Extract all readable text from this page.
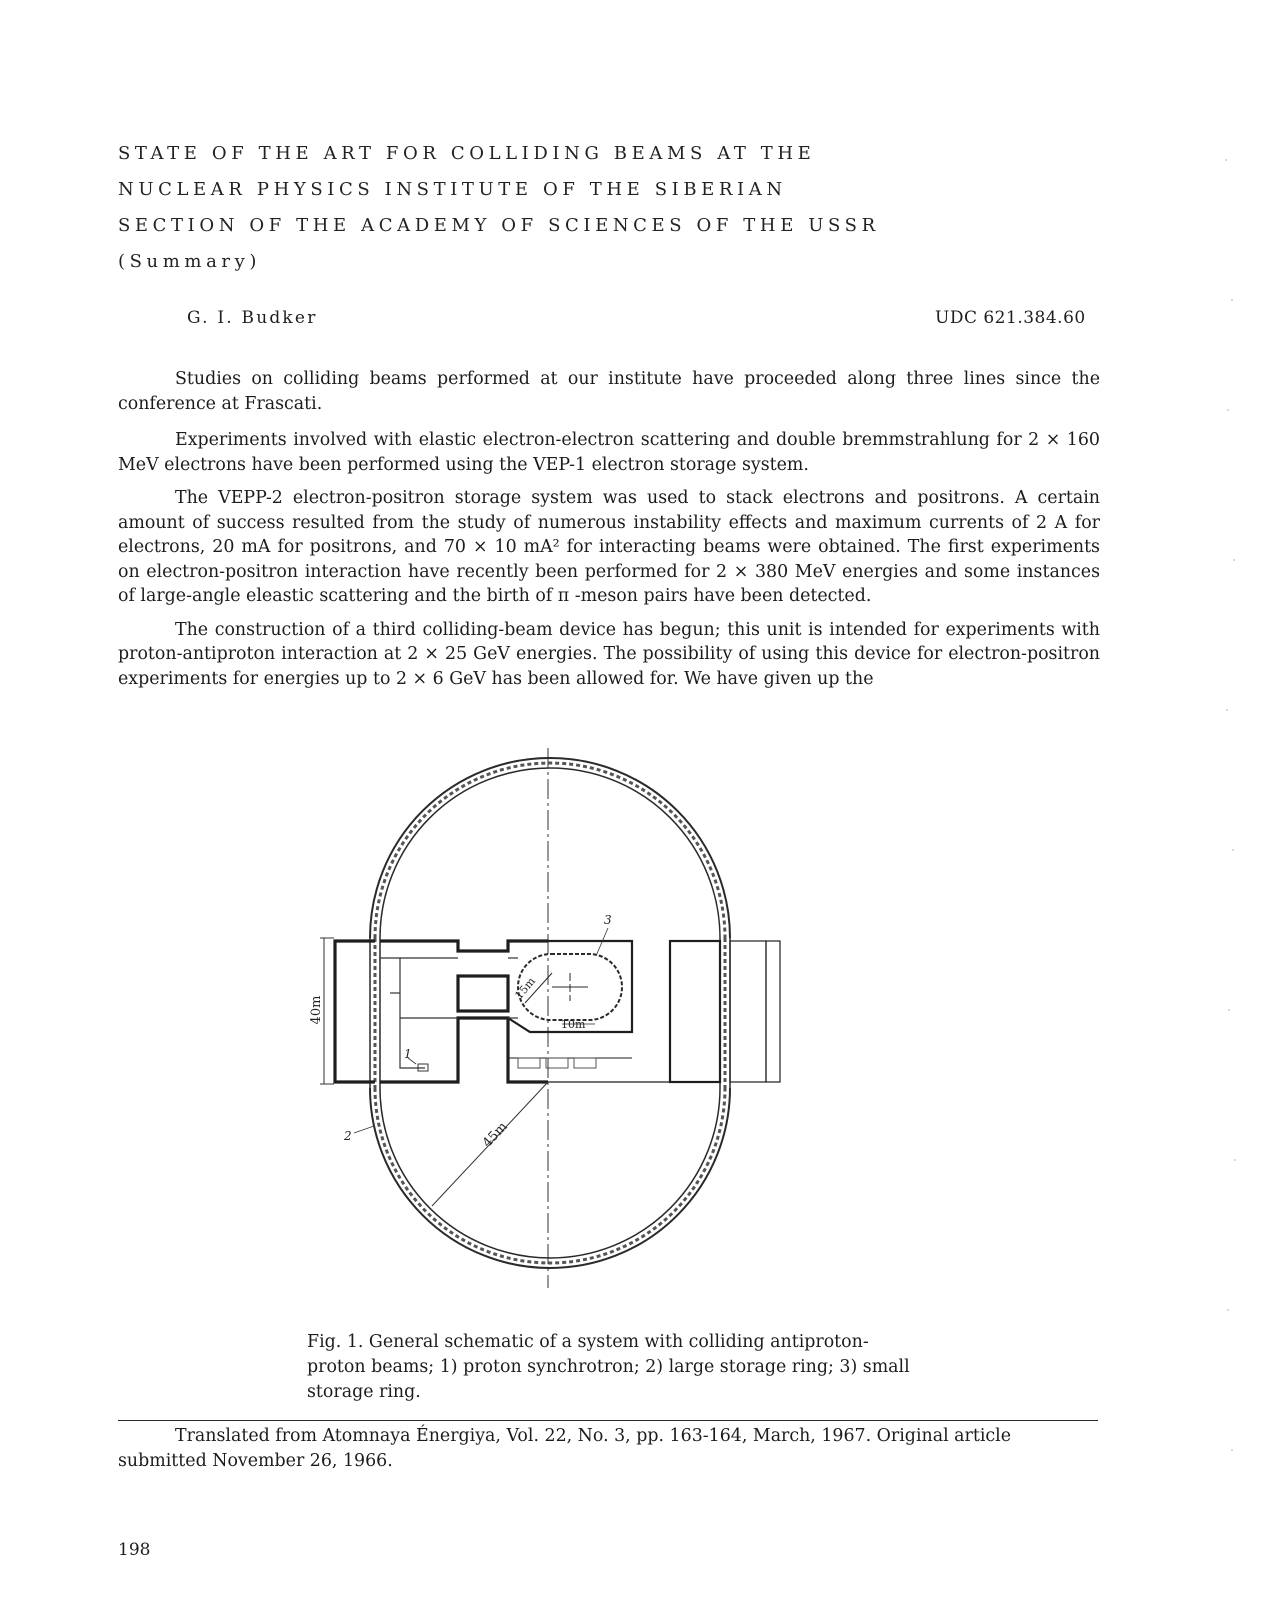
STATE OF THE ART FOR COLLIDING BEAMS AT THE
NUCLEAR PHYSICS INSTITUTE OF THE SIBERIAN
SECTION OF THE ACADEMY OF SCIENCES OF THE USSR
(Summary)
G. I. Budker	UDC 621.384.60

Studies on colliding beams performed at our institute have proceeded along three lines since the conference at Frascati.

Experiments involved with elastic electron-electron scattering and double bremmstrahlung for 2 × 160 MeV electrons have been performed using the VEP-1 electron storage system.

The VEPP-2 electron-positron storage system was used to stack electrons and positrons. A certain amount of success resulted from the study of numerous instability effects and maximum currents of 2 A for electrons, 20 mA for positrons, and 70 × 10 mA² for interacting beams were obtained. The first experiments on electron-positron interaction have recently been performed for 2 × 380 MeV energies and some instances of large-angle eleastic scattering and the birth of π -meson pairs have been detected.

The construction of a third colliding-beam device has begun; this unit is intended for experiments with proton-antiproton interaction at 2 × 25 GeV energies. The possibility of using this device for electron-positron experiments for energies up to 2 × 6 GeV has been allowed for. We have given up the

40m
45m
15m
10m
1
2
3
Fig. 1. General schematic of a system with colliding antiproton-proton beams; 1) proton synchrotron; 2) large storage ring; 3) small storage ring.

Translated from Atomnaya Énergiya, Vol. 22, No. 3, pp. 163-164, March, 1967. Original article submitted November 26, 1966.

198
